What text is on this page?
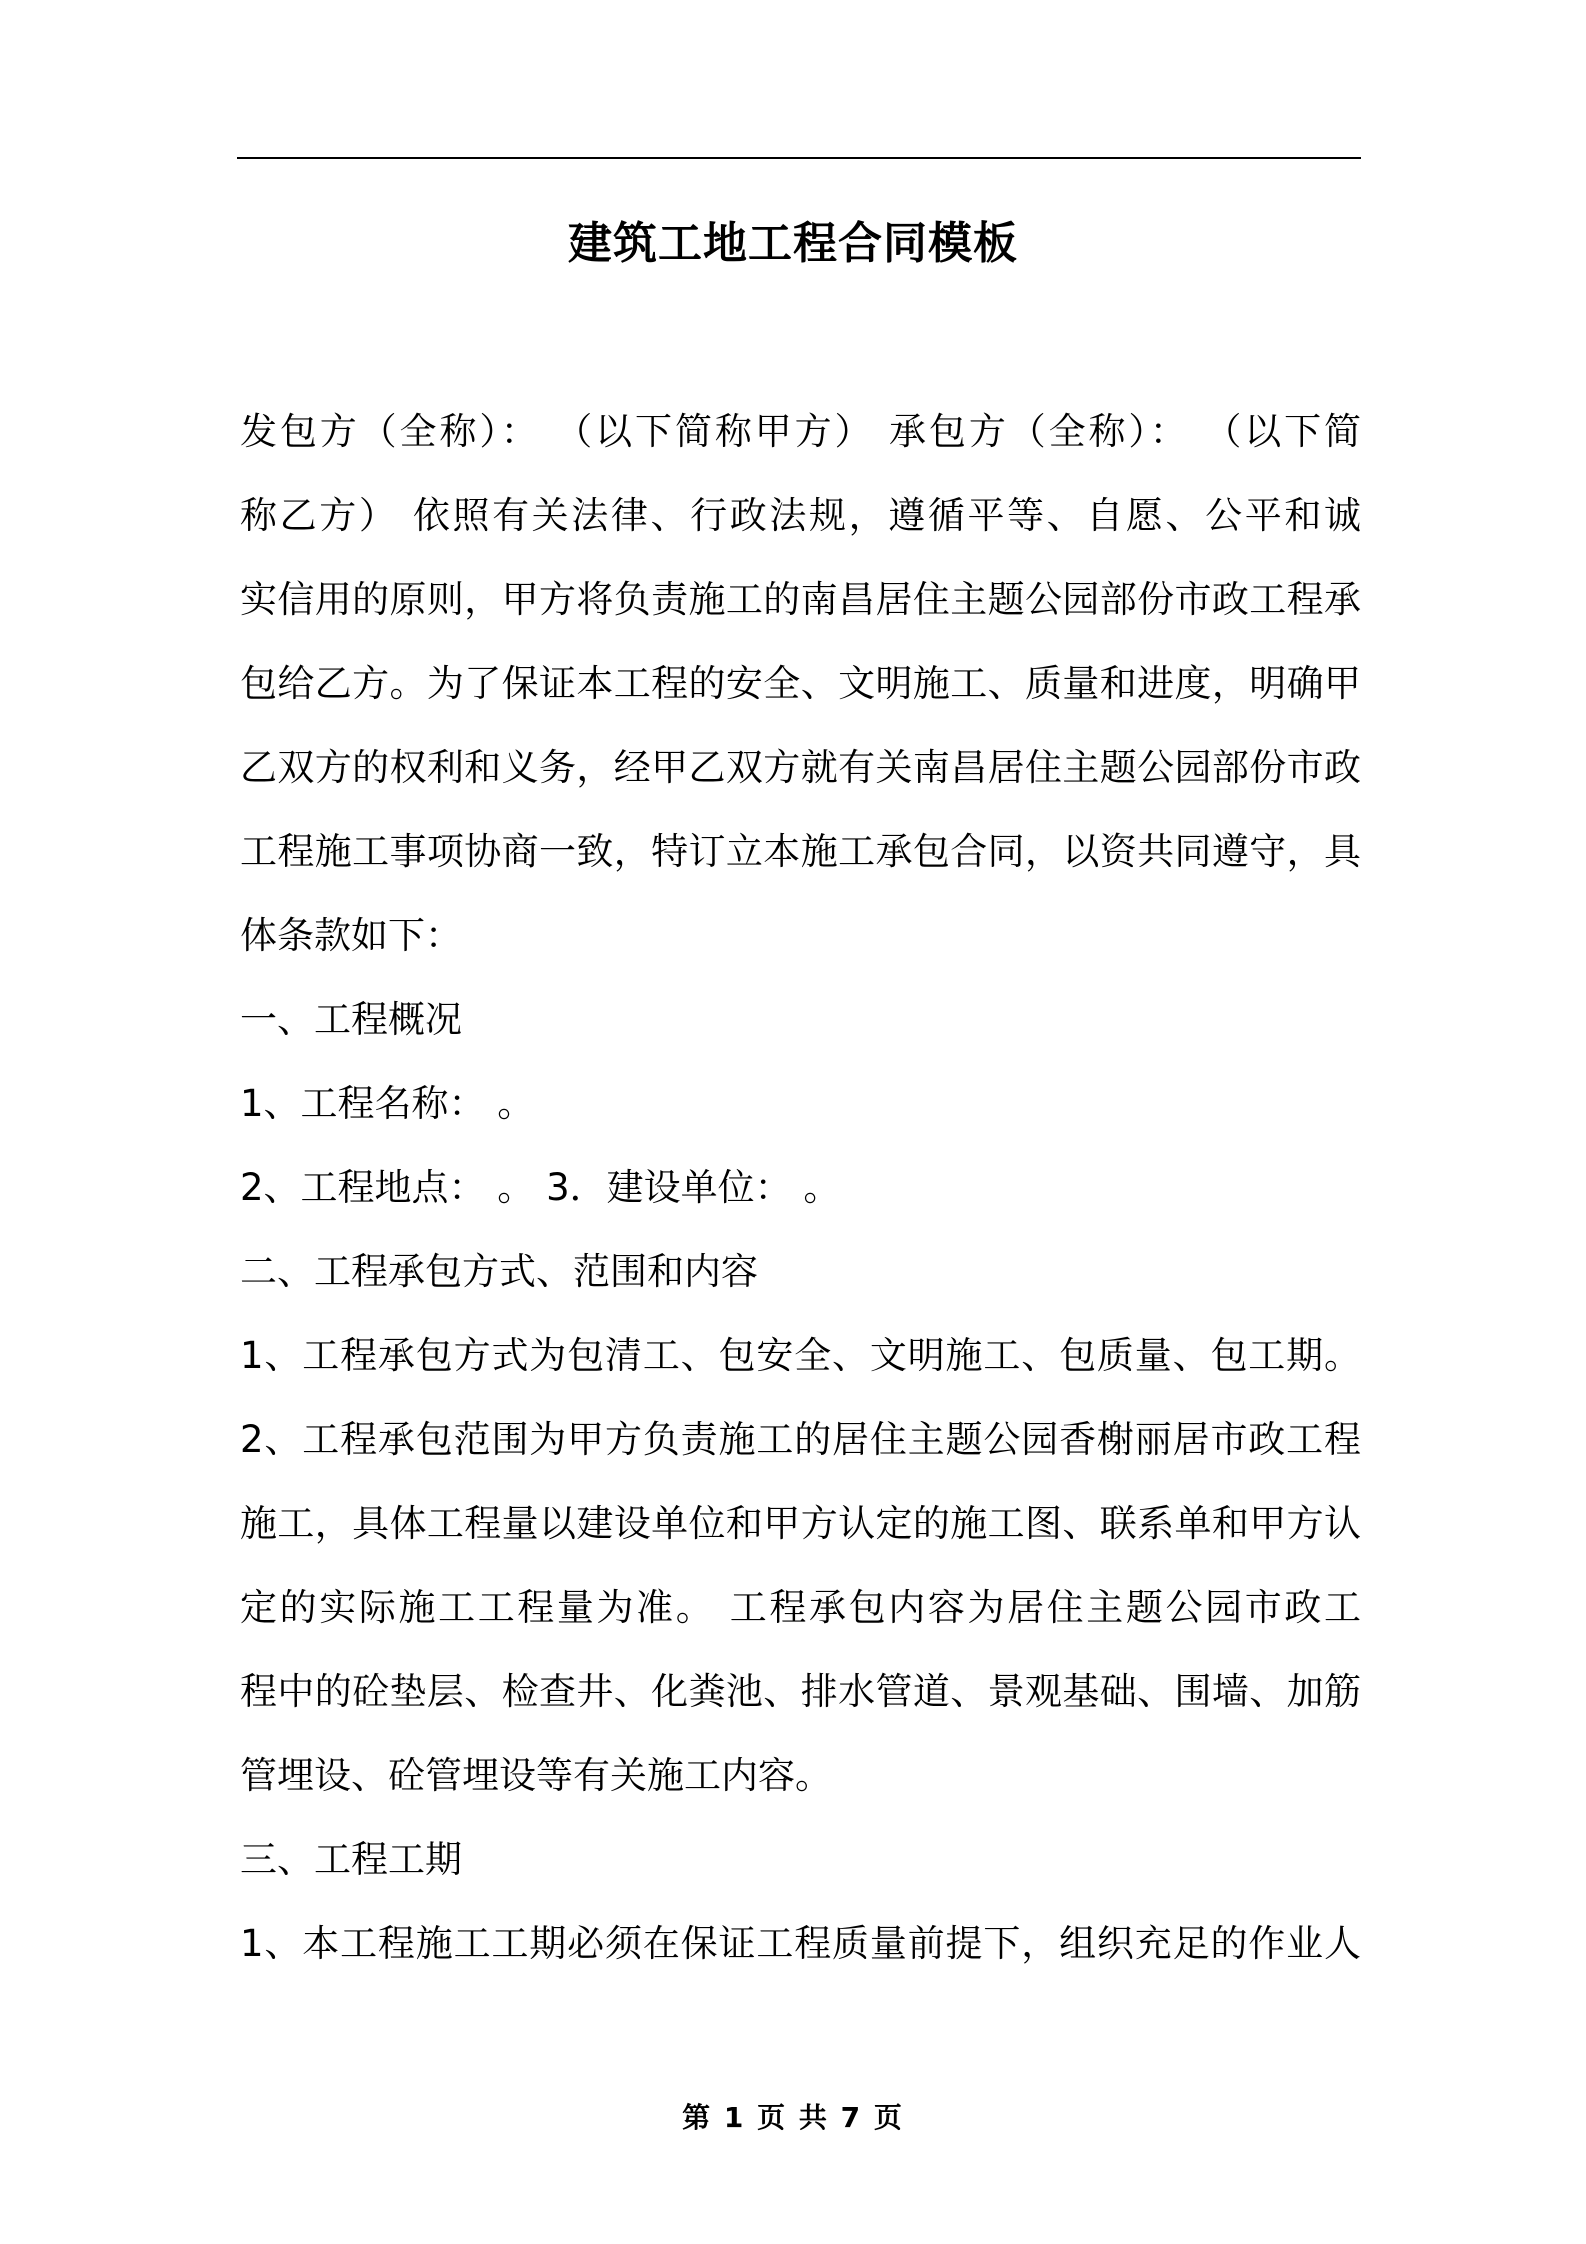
建筑工地工程合同模板
发包方（全称）： （以下简称甲方） 承包方（全称）： （以下简
称乙方） 依照有关法律、行政法规，遵循平等、自愿、公平和诚
实信用的原则，甲方将负责施工的南昌居住主题公园部份市政工程承
包给乙方。为了保证本工程的安全、文明施工、质量和进度，明确甲
乙双方的权利和义务，经甲乙双方就有关南昌居住主题公园部份市政
工程施工事项协商一致，特订立本施工承包合同，以资共同遵守，具
体条款如下：
一、工程概况
1、工程名称： 。
2、工程地点： 。 3．建设单位： 。
二、工程承包方式、范围和内容
1、工程承包方式为包清工、包安全、文明施工、包质量、包工期。
2、工程承包范围为甲方负责施工的居住主题公园香榭丽居市政工程
施工，具体工程量以建设单位和甲方认定的施工图、联系单和甲方认
定的实际施工工程量为准。 工程承包内容为居住主题公园市政工
程中的砼垫层、检查井、化粪池、排水管道、景观基础、围墙、加筋
管埋设、砼管埋设等有关施工内容。
三、工程工期
1、本工程施工工期必须在保证工程质量前提下，组织充足的作业人
第 1 页 共 7 页
